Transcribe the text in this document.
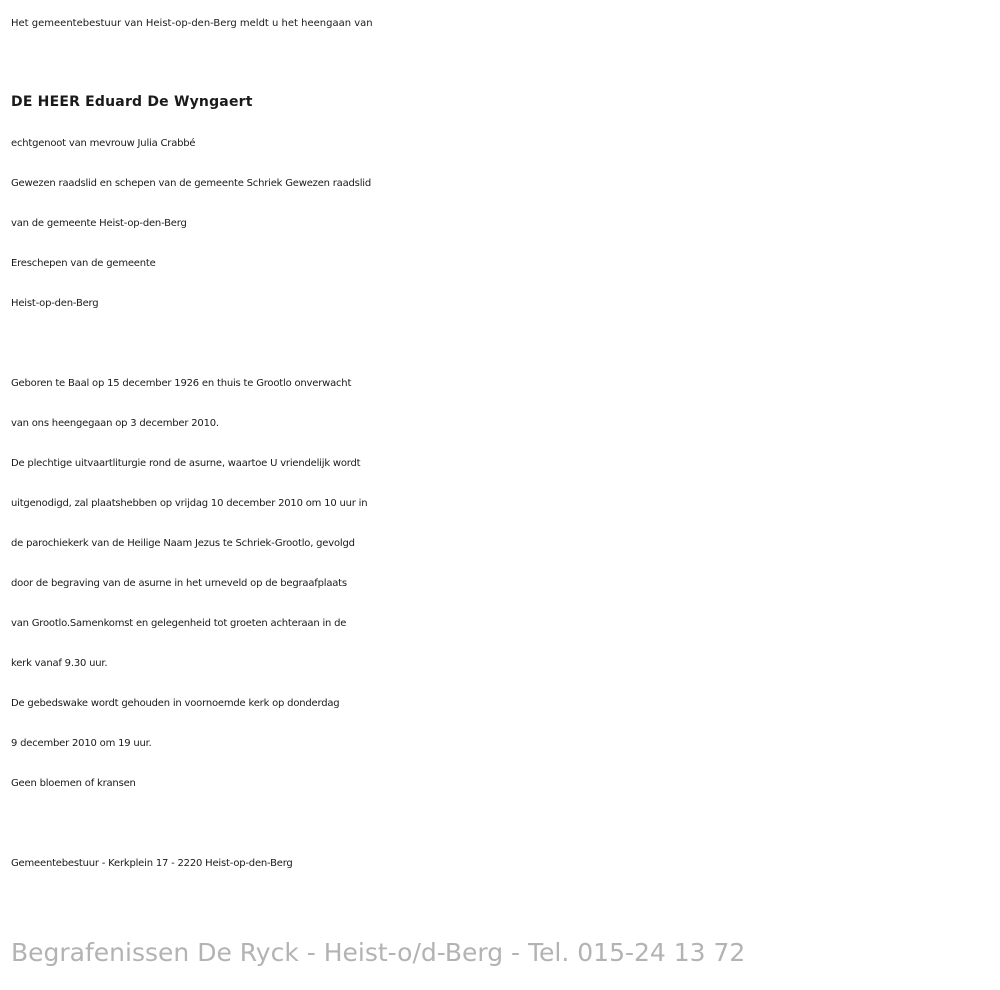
Het gemeentebestuur van Heist-op-den-Berg meldt u het heengaan van
DE HEER Eduard De Wyngaert
echtgenoot van mevrouw Julia Crabbé
Gewezen raadslid en schepen van de gemeente Schriek Gewezen raadslid
van de gemeente Heist-op-den-Berg
Ereschepen van de gemeente
Heist-op-den-Berg
Geboren te Baal op 15 december 1926 en thuis te Grootlo onverwacht
van ons heengegaan op 3 december 2010.
De plechtige uitvaartliturgie rond de asurne, waartoe U vriendelijk wordt
uitgenodigd, zal plaatshebben op vrijdag 10 december 2010 om 10 uur in
de parochiekerk van de Heilige Naam Jezus te Schriek-Grootlo, gevolgd
door de begraving van de asurne in het urneveld op de begraafplaats
van Grootlo.Samenkomst en gelegenheid tot groeten achteraan in de
kerk vanaf 9.30 uur.
De gebedswake wordt gehouden in voornoemde kerk op donderdag
9 december 2010 om 19 uur.
Geen bloemen of kransen
Gemeentebestuur - Kerkplein 17 - 2220 Heist-op-den-Berg
Begrafenissen De Ryck - Heist-o/d-Berg - Tel. 015-24 13 72
